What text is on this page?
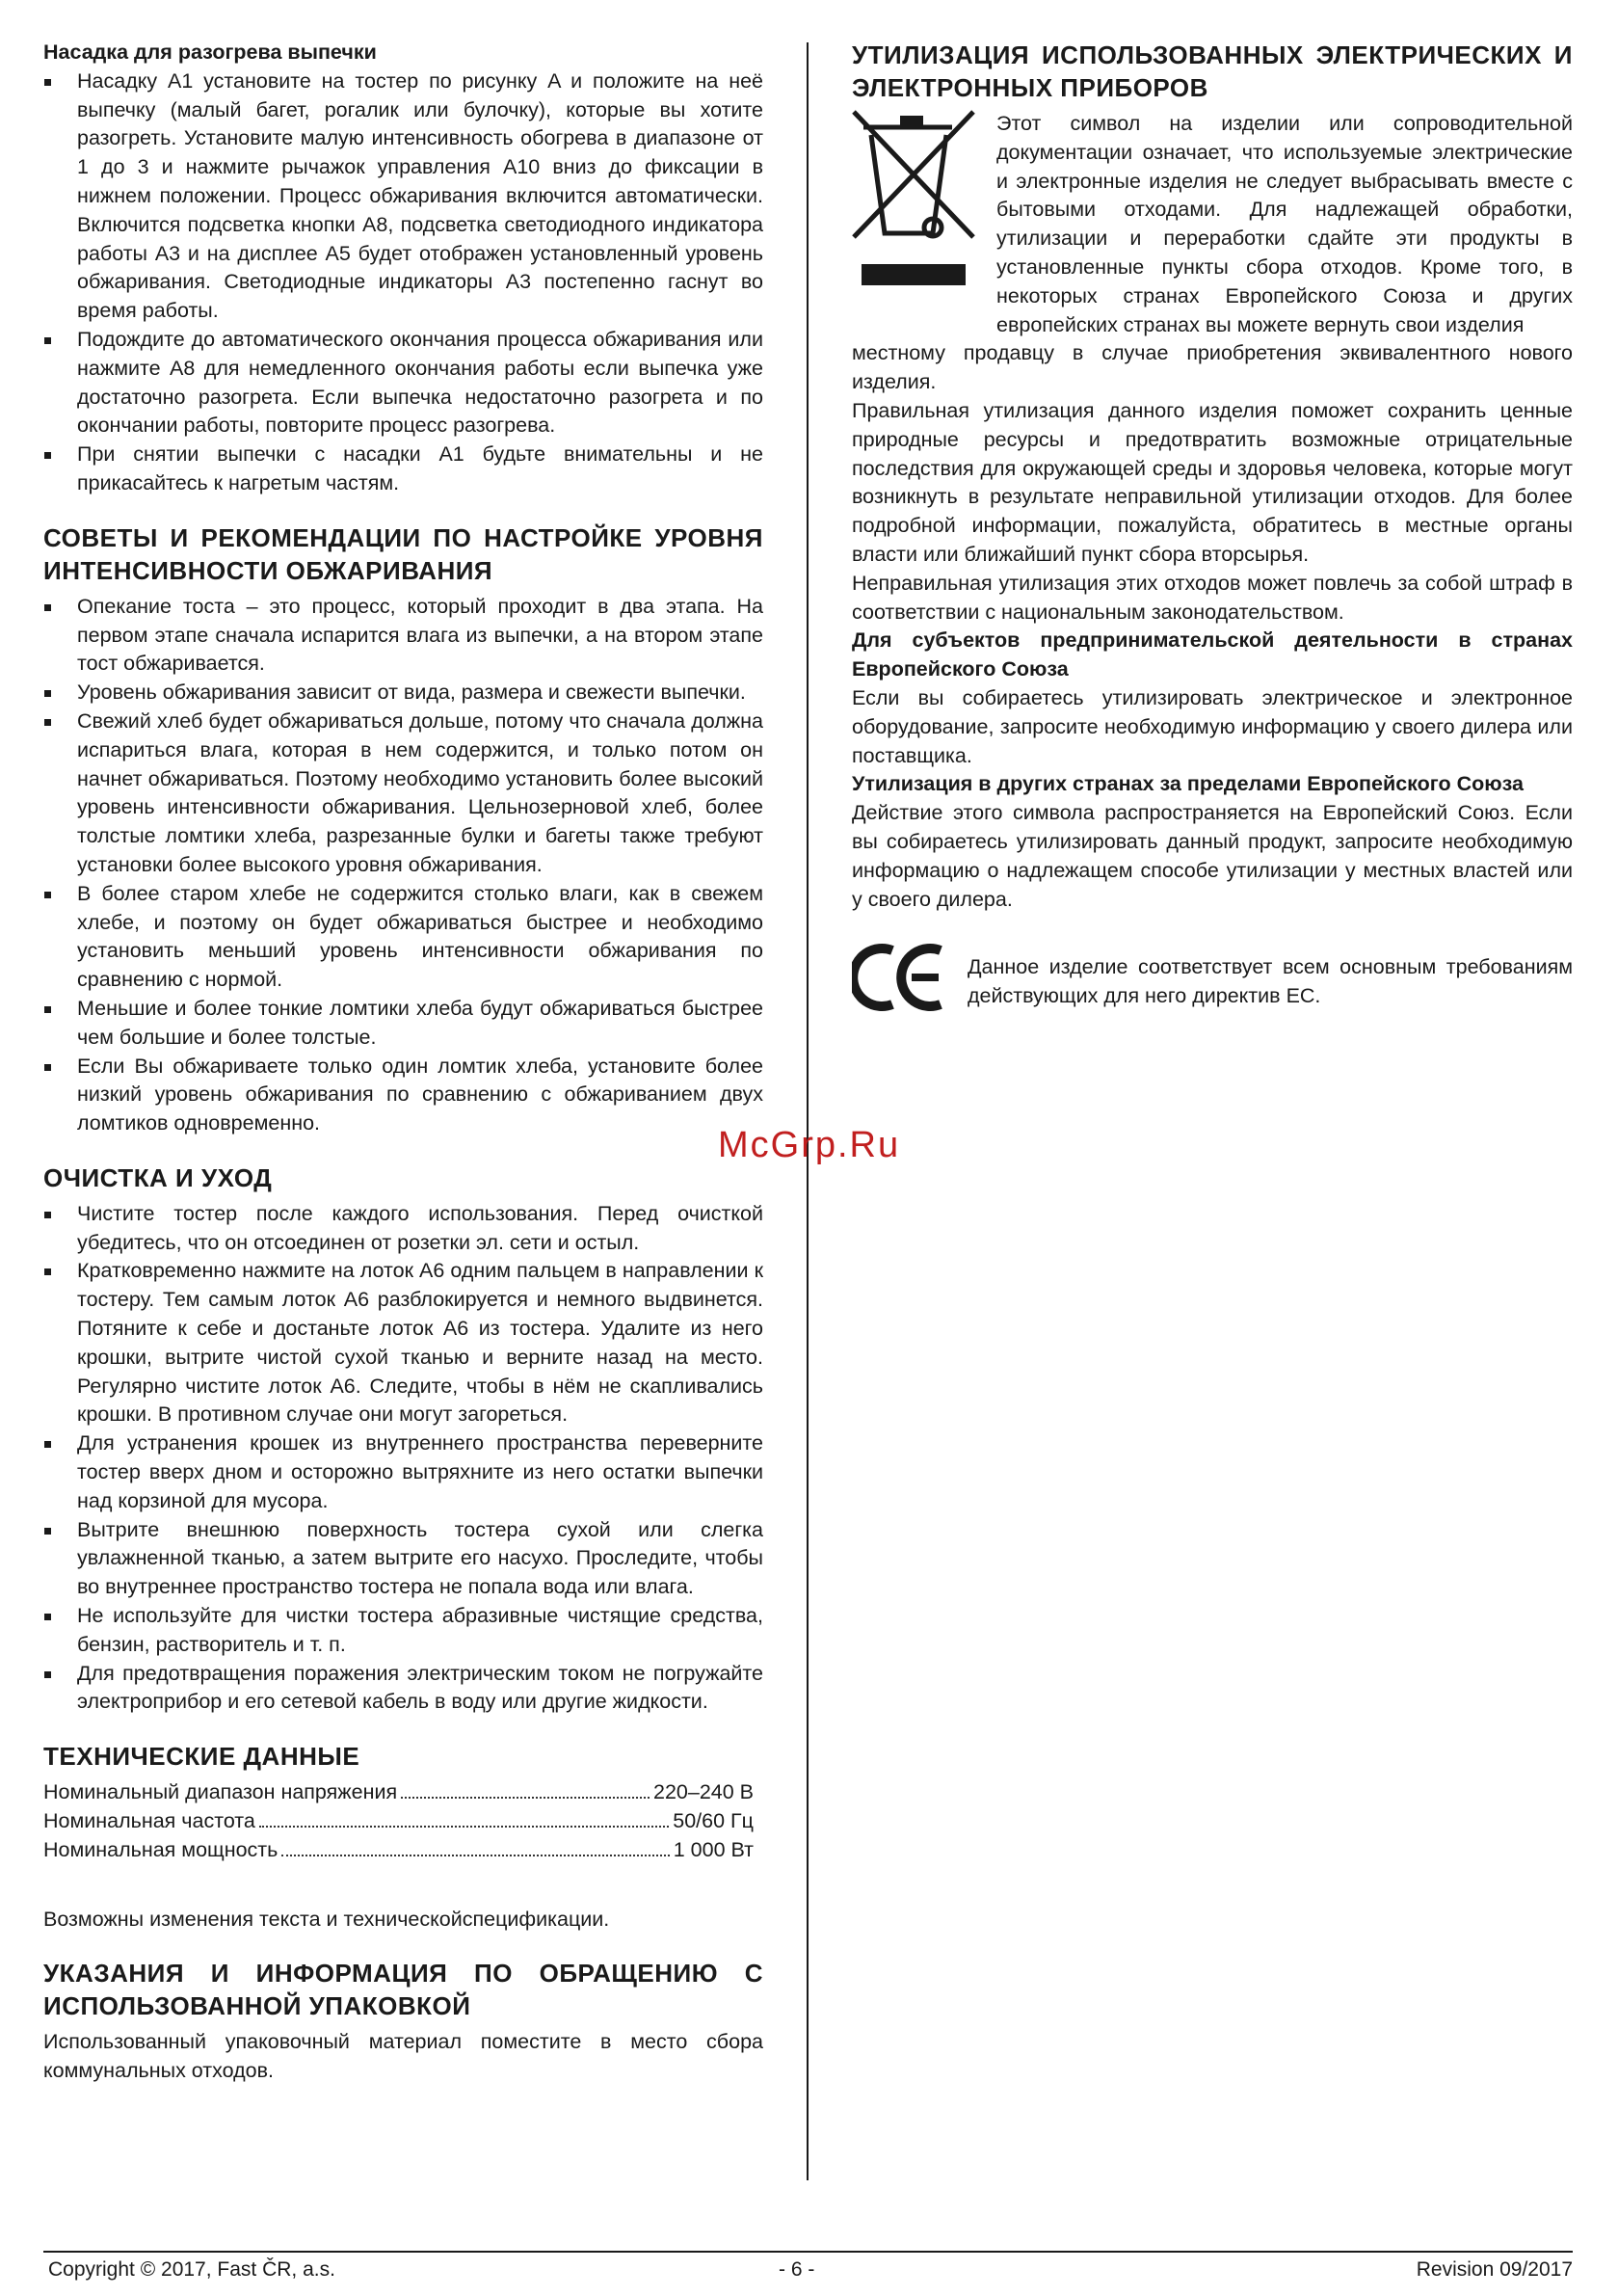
Насадка для разогрева выпечки

Насадку A1 установите на тостер по рисунку A и положите на неё выпечку (малый багет, рогалик или булочку), которые вы хотите разогреть. Установите малую интенсивность обогрева в диапазоне от 1 до 3 и нажмите рычажок управления A10 вниз до фиксации в нижнем положении. Процесс обжаривания включится автоматически. Включится подсветка кнопки A8, подсветка светодиодного индикатора работы A3 и на дисплее A5 будет отображен установленный уровень обжаривания. Светодиодные индикаторы A3 постепенно гаснут во время работы.
Подождите до автоматического окончания процесса обжаривания или нажмите A8 для немедленного окончания работы если выпечка уже достаточно разогрета. Если выпечка недостаточно разогрета и по окончании работы, повторите процесс разогрева.
При снятии выпечки с насадки A1 будьте внимательны и не прикасайтесь к нагретым частям.
СОВЕТЫ И РЕКОМЕНДАЦИИ ПО НАСТРОЙКЕ УРОВНЯ ИНТЕНСИВНОСТИ ОБЖАРИВАНИЯ
Опекание тоста – это процесс, который проходит в два этапа. На первом этапе сначала испарится влага из выпечки, а на втором этапе тост обжаривается.
Уровень обжаривания зависит от вида, размера и свежести выпечки.
Свежий хлеб будет обжариваться дольше, потому что сначала должна испариться влага, которая в нем содержится, и только потом он начнет обжариваться. Поэтому необходимо установить более высокий уровень интенсивности обжаривания. Цельнозерновой хлеб, более толстые ломтики хлеба, разрезанные булки и багеты также требуют установки более высокого уровня обжаривания.
В более старом хлебе не содержится столько влаги, как в свежем хлебе, и поэтому он будет обжариваться быстрее и необходимо установить меньший уровень интенсивности обжаривания по сравнению с нормой.
Меньшие и более тонкие ломтики хлеба будут обжариваться быстрее чем большие и более толстые.
Если Вы обжариваете только один ломтик хлеба, установите более низкий уровень обжаривания по сравнению с обжариванием двух ломтиков одновременно.
ОЧИСТКА И УХОД
Чистите тостер после каждого использования. Перед очисткой убедитесь, что он отсоединен от розетки эл. сети и остыл.
Кратковременно нажмите на лоток A6 одним пальцем в направлении к тостеру. Тем самым лоток A6 разблокируется и немного выдвинется. Потяните к себе и достаньте лоток A6 из тостера. Удалите из него крошки, вытрите чистой сухой тканью и верните назад на место. Регулярно чистите лоток A6. Следите, чтобы в нём не скапливались крошки. В противном случае они могут загореться.
Для устранения крошек из внутреннего пространства переверните тостер вверх дном и осторожно вытряхните из него остатки выпечки над корзиной для мусора.
Вытрите внешнюю поверхность тостера сухой или слегка увлажненной тканью, а затем вытрите его насухо. Проследите, чтобы во внутреннее пространство тостера не попала вода или влага.
Не используйте для чистки тостера абразивные чистящие средства, бензин, растворитель и т. п.
Для предотвращения поражения электрическим током не погружайте электроприбор и его сетевой кабель в воду или другие жидкости.
ТЕХНИЧЕСКИЕ ДАННЫЕ
Номинальный диапазон напряжения	220–240 В
Номинальная частота	50/60 Гц
Номинальная мощность	1 000 Вт

Возможны изменения текста и техническойспецификации.

УКАЗАНИЯ И ИНФОРМАЦИЯ ПО ОБРАЩЕНИЮ С ИСПОЛЬЗОВАННОЙ УПАКОВКОЙ

Использованный упаковочный материал поместите в место сбора коммунальных отходов.

УТИЛИЗАЦИЯ ИСПОЛЬЗОВАННЫХ ЭЛЕКТРИЧЕСКИХ И ЭЛЕКТРОННЫХ ПРИБОРОВ

Этот символ на изделии или сопроводительной документации означает, что используемые электрические и электронные изделия не следует выбрасывать вместе с бытовыми отходами. Для надлежащей обработки, утилизации и переработки сдайте эти продукты в установленные пункты сбора отходов. Кроме того, в некоторых странах Европейского Союза и других европейских странах вы можете вернуть свои изделия

местному продавцу в случае приобретения эквивалентного нового изделия.

Правильная утилизация данного изделия поможет сохранить ценные природные ресурсы и предотвратить возможные отрицательные последствия для окружающей среды и здоровья человека, которые могут возникнуть в результате неправильной утилизации отходов. Для более подробной информации, пожалуйста, обратитесь в местные органы власти или ближайший пункт сбора вторсырья.

Неправильная утилизация этих отходов может повлечь за собой штраф в соответствии с национальным законодательством.

Для субъектов предпринимательской деятельности в странах Европейского Союза

Если вы собираетесь утилизировать электрическое и электронное оборудование, запросите необходимую информацию у своего дилера или поставщика.

Утилизация в других странах за пределами Европейского Союза

Действие этого символа распространяется на Европейский Союз. Если вы собираетесь утилизировать данный продукт, запросите необходимую информацию о надлежащем способе утилизации у местных властей или у своего дилера.

Данное изделие соответствует всем основным требованиям действующих для него директив ЕС.

McGrp.Ru
Copyright © 2017, Fast ČR, a.s.	- 6 -	Revision 09/2017
